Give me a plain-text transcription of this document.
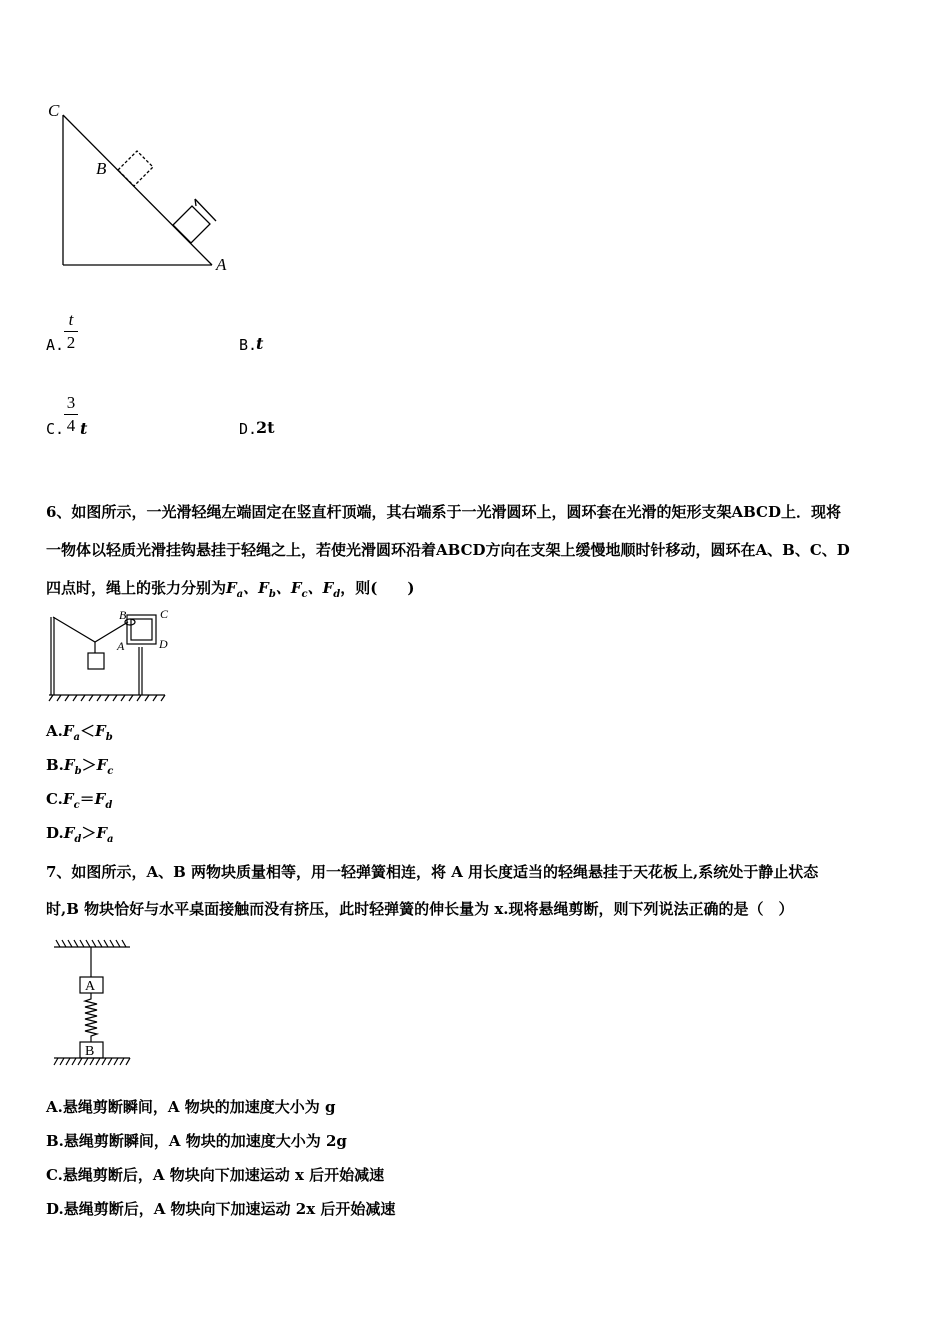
C
B
A
A.
t
2	B.
t
C.
3
4 t	D.
2t
6、如图所示，一光滑轻绳左端固定在竖直杆顶端，其右端系于一光滑圆环上，圆环套在光滑的矩形支架ABCD上．现将
一物体以轻质光滑挂钩悬挂于轻绳之上，若使光滑圆环沿着ABCD方向在支架上缓慢地顺时针移动，圆环在A、B、C、D
四点时，绳上的张力分别为$F_a$、$F_b$、$F_c$、$F_d$，则(　　)
B	C
A	D
$A.F_a<F_b$
$B.F_b>F_c$
$C.F_c=F_d$
$D.F_d>F_a$
7、如图所示，A、B 两物块质量相等，用一轻弹簧相连，将 A 用长度适当的轻绳悬挂于天花板上,系统处于静止状态
时,B 物块恰好与水平桌面接触而没有挤压，此时轻弹簧的伸长量为 x.现将悬绳剪断，则下列说法正确的是（　）
A
B
A.悬绳剪断瞬间，A 物块的加速度大小为 g
B.悬绳剪断瞬间，A 物块的加速度大小为 2g
C.悬绳剪断后，A 物块向下加速运动 x 后开始减速
D.悬绳剪断后，A 物块向下加速运动 2x 后开始减速
